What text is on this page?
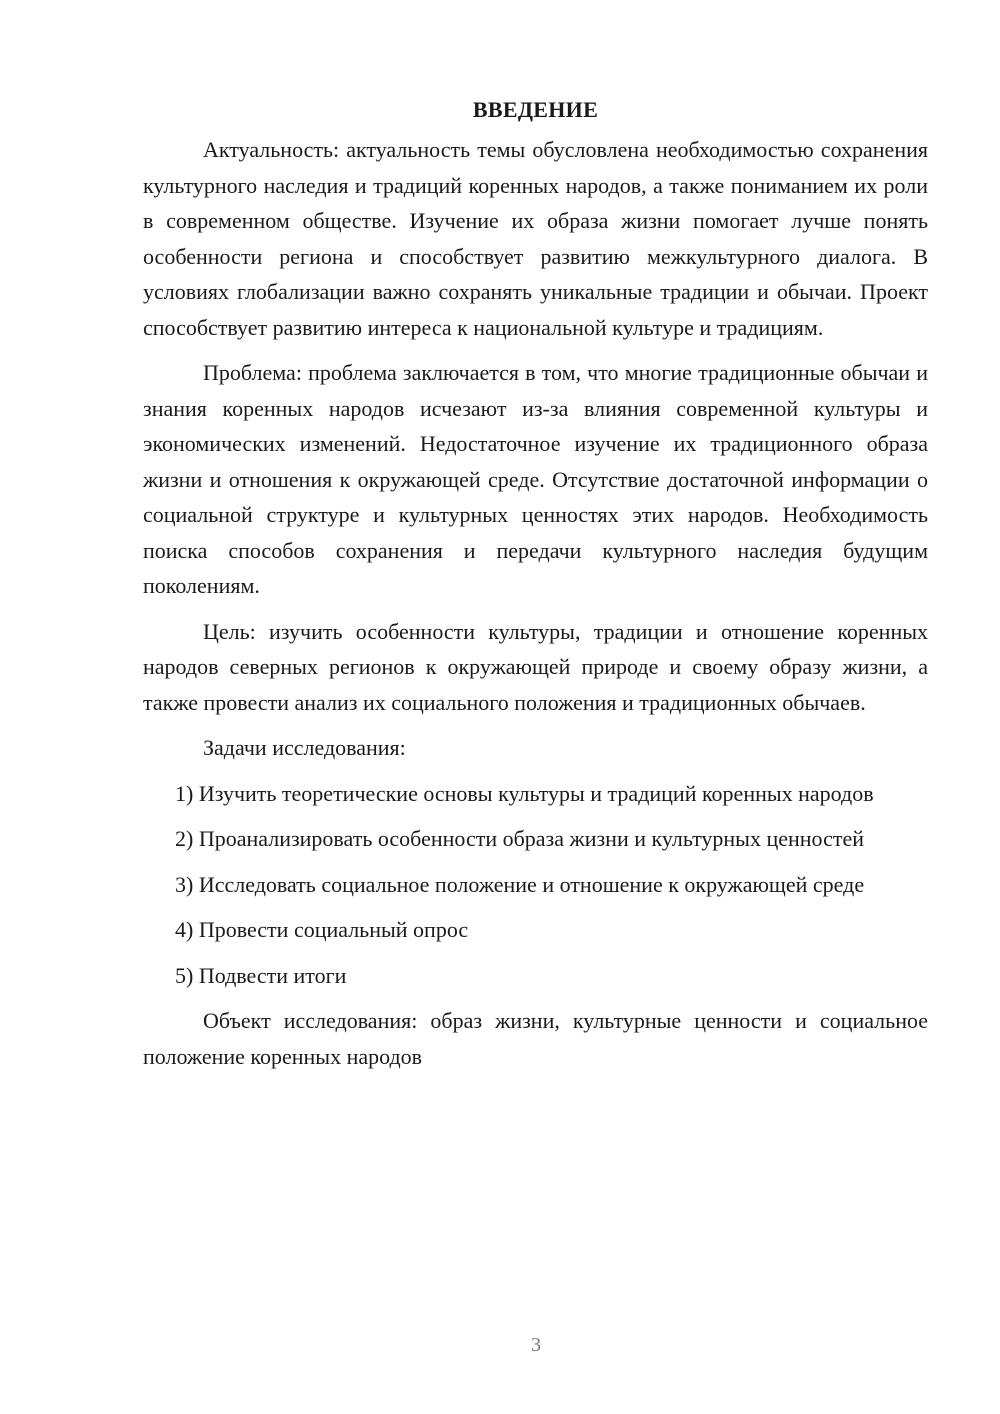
ВВЕДЕНИЕ

Актуальность: актуальность темы обусловлена необходимостью сохранения культурного наследия и традиций коренных народов, а также пониманием их роли в современном обществе. Изучение их образа жизни помогает лучше понять особенности региона и способствует развитию межкультурного диалога. В условиях глобализации важно сохранять уникальные традиции и обычаи. Проект способствует развитию интереса к национальной культуре и традициям.

Проблема: проблема заключается в том, что многие традиционные обычаи и знания коренных народов исчезают из-за влияния современной культуры и экономических изменений. Недостаточное изучение их традиционного образа жизни и отношения к окружающей среде. Отсутствие достаточной информации о социальной структуре и культурных ценностях этих народов. Необходимость поиска способов сохранения и передачи культурного наследия будущим поколениям.

Цель: изучить особенности культуры, традиции и отношение коренных народов северных регионов к окружающей природе и своему образу жизни, а также провести анализ их социального положения и традиционных обычаев.

Задачи исследования:

1) Изучить теоретические основы культуры и традиций коренных народов

2) Проанализировать особенности образа жизни и культурных ценностей

3) Исследовать социальное положение и отношение к окружающей среде

4) Провести социальный опрос

5) Подвести итоги

Объект исследования: образ жизни, культурные ценности и социальное положение коренных народов

3
